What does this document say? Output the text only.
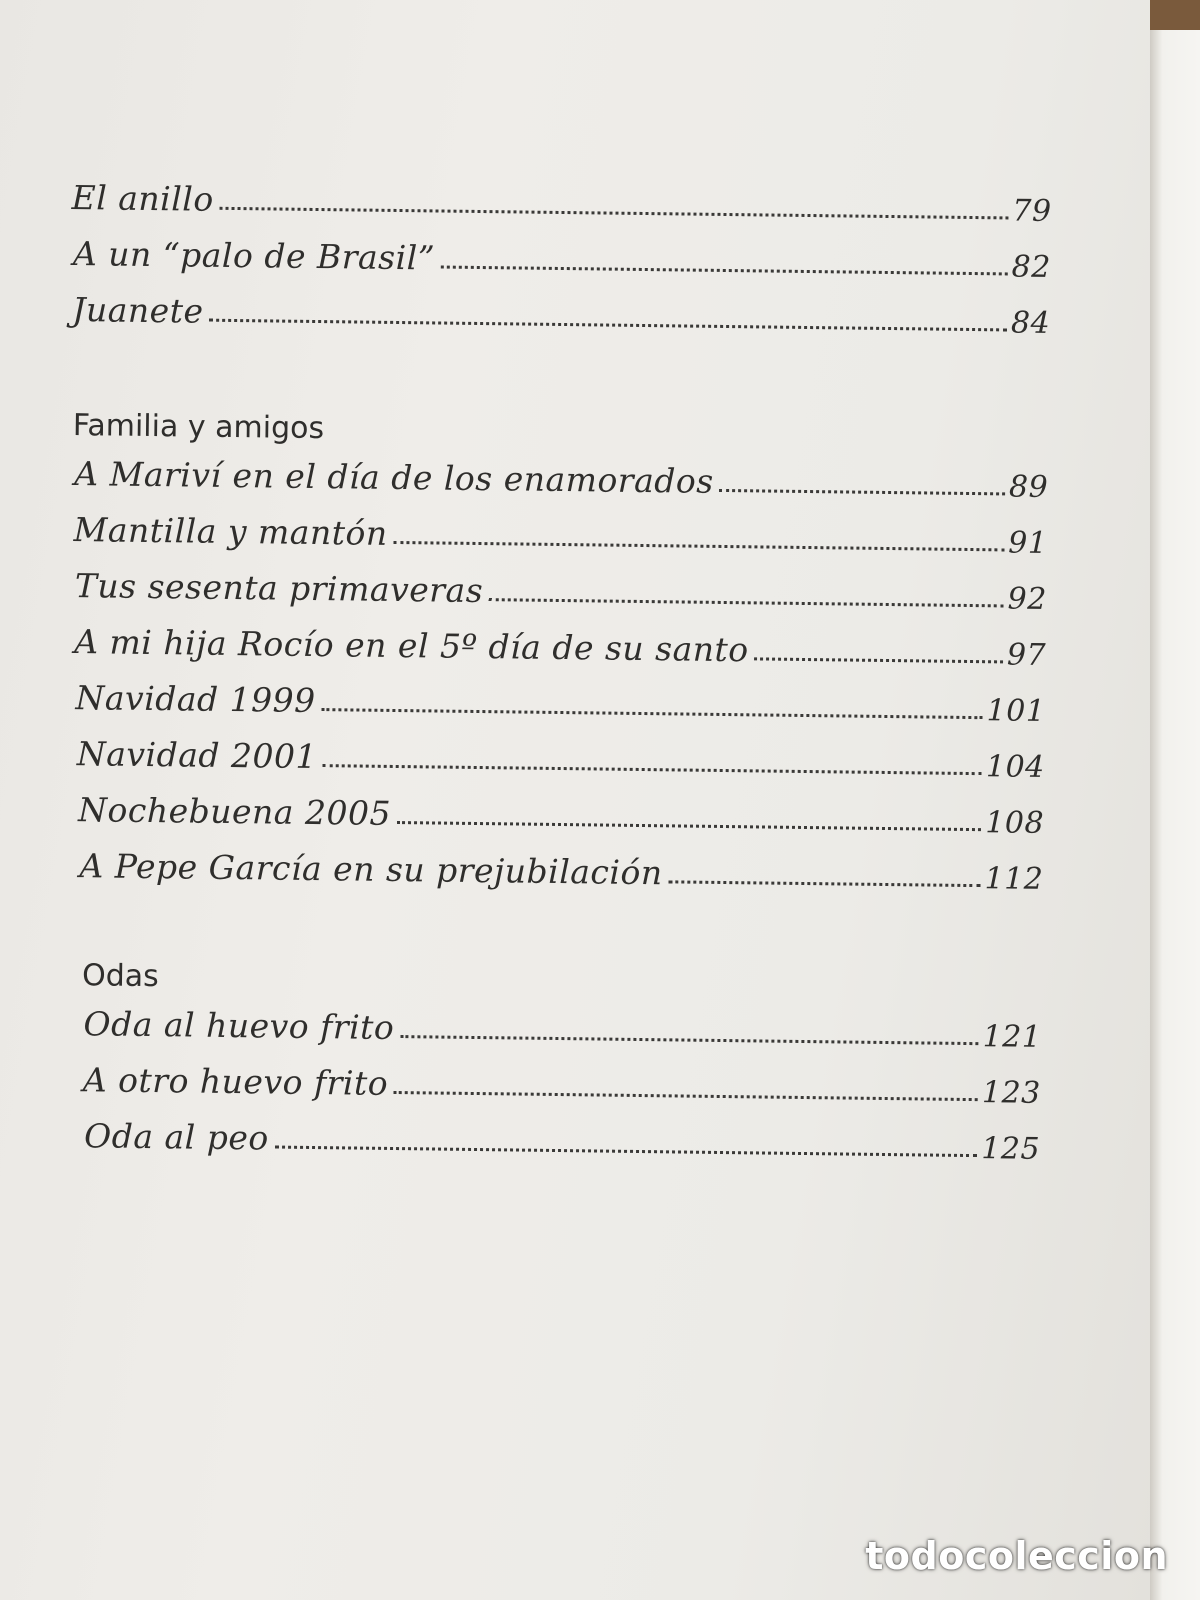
El anillo	79
A un “palo de Brasil”	82
Juanete	84
Familia y amigos
A Mariví en el día de los enamorados	89
Mantilla y mantón	91
Tus sesenta primaveras	92
A mi hija Rocío en el 5º día de su santo	97
Navidad 1999	101
Navidad 2001	104
Nochebuena 2005	108
A Pepe García en su prejubilación	112
Odas
Oda al huevo frito	121
A otro huevo frito	123
Oda al peo	125
todocoleccion
